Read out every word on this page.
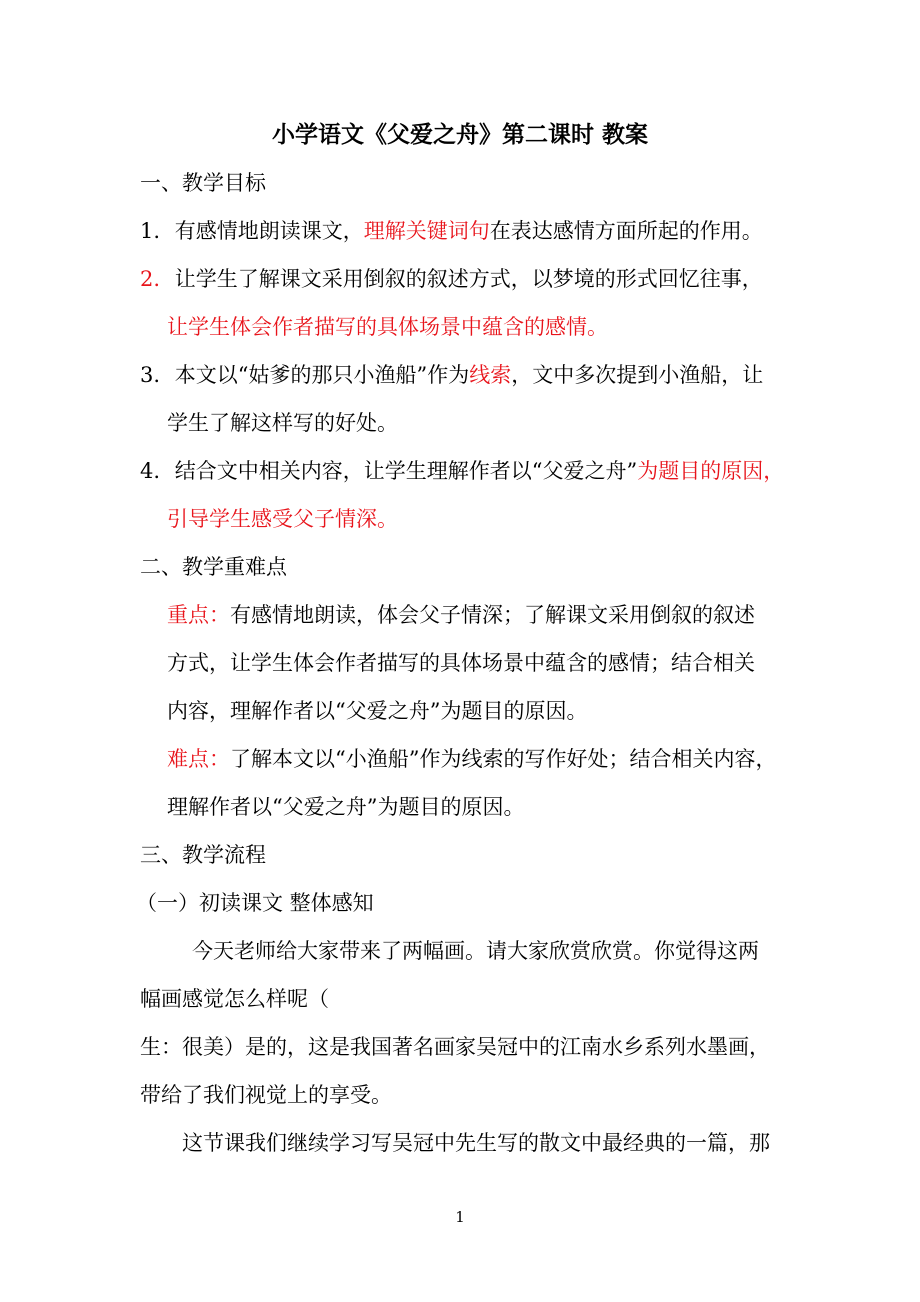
小学语文《父爱之舟》第二课时 教案
一、教学目标
1. 有感情地朗读课文，理解关键词句在表达感情方面所起的作用。
2. 让学生了解课文采用倒叙的叙述方式，以梦境的形式回忆往事，
让学生体会作者描写的具体场景中蕴含的感情。
3. 本文以“姑爹的那只小渔船”作为线索，文中多次提到小渔船，让
学生了解这样写的好处。
4. 结合文中相关内容，让学生理解作者以“父爱之舟”为题目的原因，
引导学生感受父子情深。
二、教学重难点
重点：有感情地朗读，体会父子情深；了解课文采用倒叙的叙述
方式，让学生体会作者描写的具体场景中蕴含的感情；结合相关
内容，理解作者以“父爱之舟”为题目的原因。
难点：了解本文以“小渔船”作为线索的写作好处；结合相关内容，
理解作者以“父爱之舟”为题目的原因。
三、教学流程
（一）初读课文 整体感知
今天老师给大家带来了两幅画。请大家欣赏欣赏。你觉得这两
幅画感觉怎么样呢（
生：很美）是的，这是我国著名画家吴冠中的江南水乡系列水墨画，
带给了我们视觉上的享受。
这节课我们继续学习写吴冠中先生写的散文中最经典的一篇，那
1
